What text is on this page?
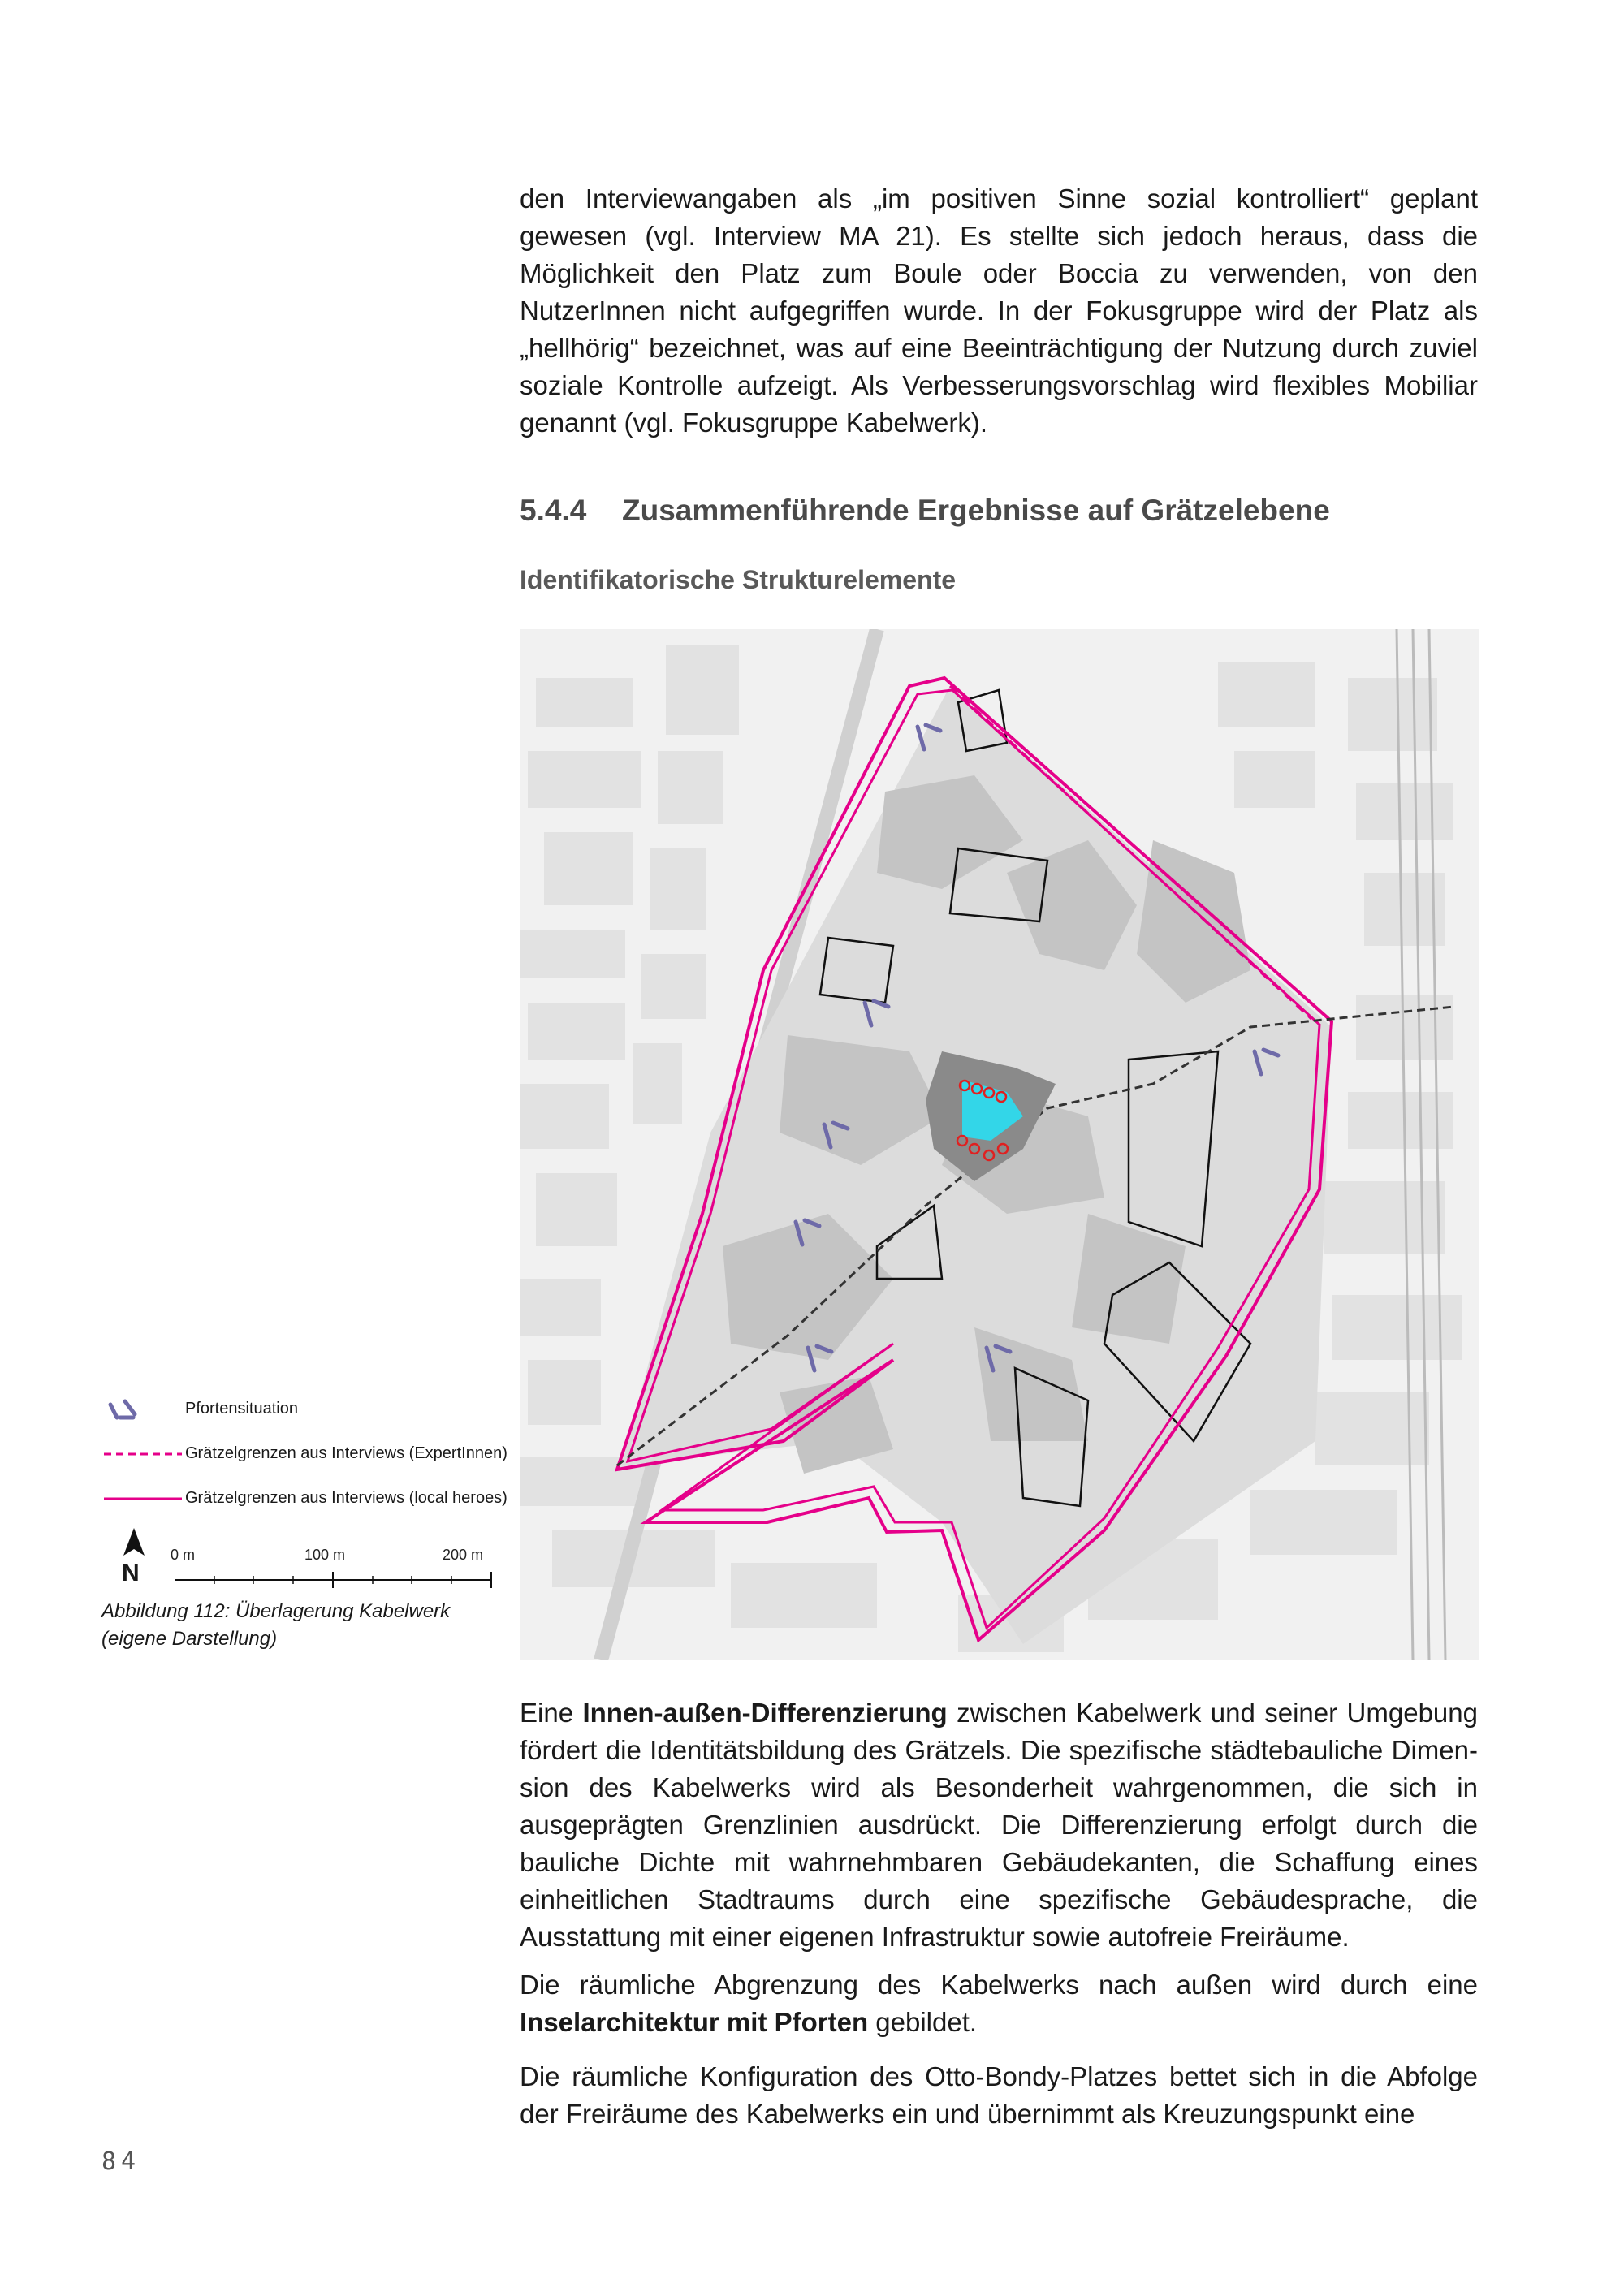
den Interviewangaben als „im positiven Sinne sozial kontrolliert“ geplant gewesen (vgl. Interview MA 21). Es stellte sich jedoch heraus, dass die Möglichkeit den Platz zum Boule oder Boccia zu verwenden, von den NutzerInnen nicht aufgegriffen wurde. In der Fokusgruppe wird der Platz als „hellhörig“ bezeichnet, was auf eine Beeinträchtigung der Nutzung durch zuviel soziale Kontrolle aufzeigt. Als Verbesserungsvorschlag wird flexibles Mobiliar genannt (vgl. Fokusgruppe Kabelwerk).

5.4.4 Zusammenführende Ergebnisse auf Grätzelebene
Identifikatorische Strukturelemente
Pfortensituation
Grätzelgrenzen aus Interviews (ExpertInnen)
Grätzelgrenzen aus Interviews (local heroes)
N
0 m	100 m	200 m

Abbildung 112: Überlagerung Kabelwerk
(eigene Darstellung)

Eine Innen-außen-Differenzierung zwischen Kabelwerk und seiner Umgebung fördert die Identitätsbildung des Grätzels. Die spezifische städtebauliche Dimen-sion des Kabelwerks wird als Besonderheit wahrgenommen, die sich in ausgeprägten Grenzlinien ausdrückt. Die Differenzierung erfolgt durch die bauliche Dichte mit wahrnehmbaren Gebäudekanten, die Schaffung eines einheitlichen Stadtraums durch eine spezifische Gebäudesprache, die Ausstattung mit einer eigenen Infrastruktur sowie autofreie Freiräume.

Die räumliche Abgrenzung des Kabelwerks nach außen wird durch eine Inselarchitektur mit Pforten gebildet.

Die räumliche Konfiguration des Otto-Bondy-Platzes bettet sich in die Abfolge der Freiräume des Kabelwerks ein und übernimmt als Kreuzungspunkt eine

84
